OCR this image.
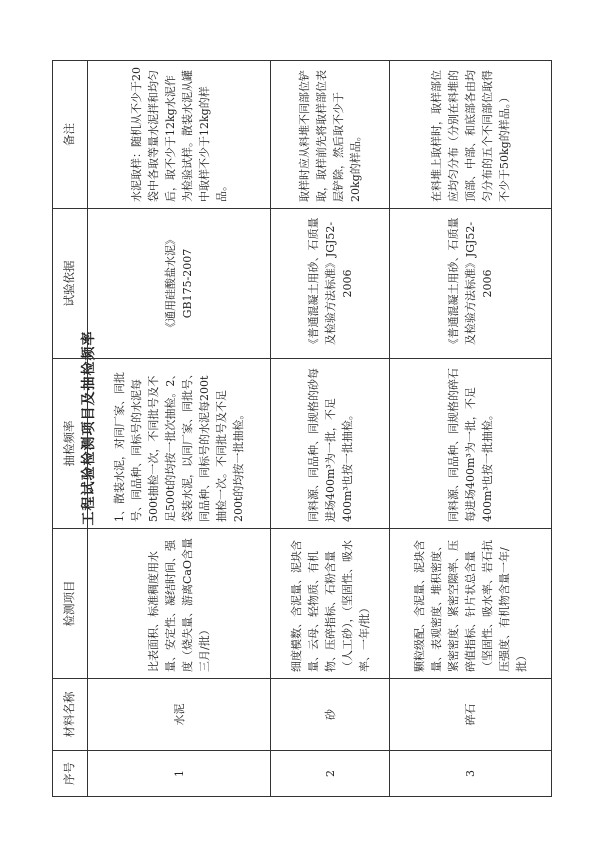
工程试验检测项目及抽检频率
序号	材料名称	检测项目	抽检频率	试验依据	备注
1	水泥	比表面积、标准稠度用水量、安定性、凝结时间、强度（烧失量、游离CaO含量三月/批）	1、散装水泥，对同厂家、同批号、同品种、同标号的水泥每500t抽检一次，不同批号及不足500t的均按一批次抽检。2、袋装水泥，以同厂家、同批号、同品种、同标号的水泥每200t抽检一次。不同批号及不足200t的均按一批抽检。	《通用硅酸盐水泥》GB175-2007	水泥取样：随机从不少于20袋中各取等量水泥拌和均匀后，取不少于12kg水泥作为检验试样。散装水泥从罐中取样不少于12kg的样品。
2	砂	细度模数、含泥量、泥块含量、云母、轻物质、有机物、压碎指标、石粉含量（人工砂），（坚固性、吸水率、一年/批）	同料源、同品种、同规格的砂每进场400m³为一批，不足400m³也按一批抽检。	《普通混凝土用砂、石质量及检验方法标准》JGJ52-2006	取样时应从料堆不同部位铲取，取样前先将取样部位表层铲除，然后取不少于20kg的样品。
3	碎石	颗粒级配、含泥量、泥块含量、表观密度、堆积密度、紧密密度、紧密空隙率、压碎值指标、针片状总含量（坚固性、吸水率、岩石抗压强度、有机物含量一年/批）	同料源、同品种、同规格的碎石每进场400m³为一批，不足400m³也按一批抽检。	《普通混凝土用砂、石质量及检验方法标准》JGJ52-2006	在料堆上取样时，取样部位应均匀分布（分别在料堆的顶部、中部、和底部各由均匀分布的五个不同部位取得不少于50kg的样品。）
